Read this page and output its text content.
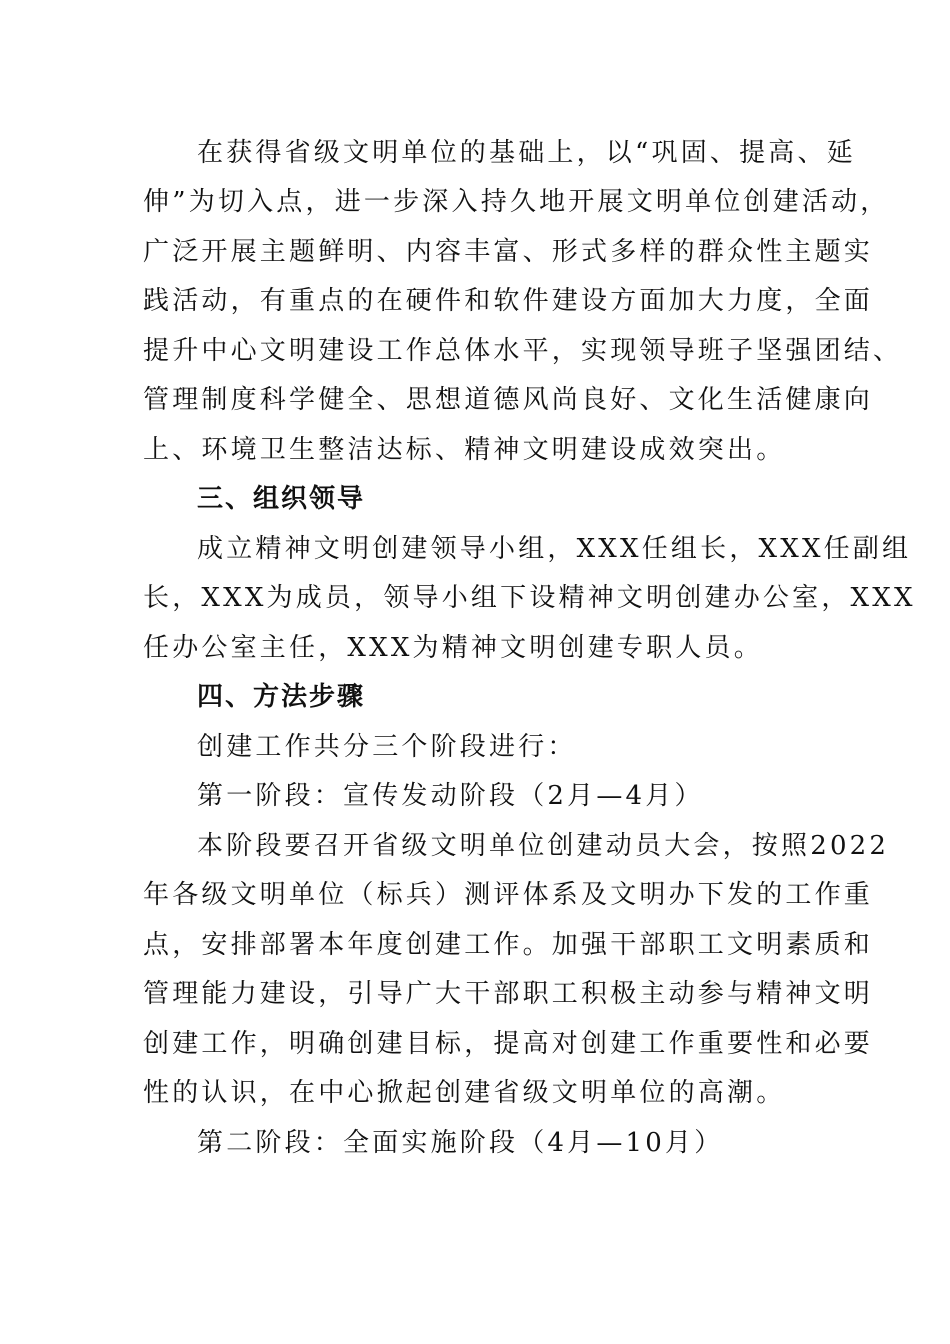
在获得省级文明单位的基础上，以“巩固、提高、延
伸”为切入点，进一步深入持久地开展文明单位创建活动，
广泛开展主题鲜明、内容丰富、形式多样的群众性主题实
践活动，有重点的在硬件和软件建设方面加大力度，全面
提升中心文明建设工作总体水平，实现领导班子坚强团结、
管理制度科学健全、思想道德风尚良好、文化生活健康向
上、环境卫生整洁达标、精神文明建设成效突出。
三、组织领导
成立精神文明创建领导小组，XXX任组长，XXX任副组
长，XXX为成员，领导小组下设精神文明创建办公室，XXX
任办公室主任，XXX为精神文明创建专职人员。
四、方法步骤
创建工作共分三个阶段进行：
第一阶段：宣传发动阶段（2月—4月）
本阶段要召开省级文明单位创建动员大会，按照2022
年各级文明单位（标兵）测评体系及文明办下发的工作重
点，安排部署本年度创建工作。加强干部职工文明素质和
管理能力建设，引导广大干部职工积极主动参与精神文明
创建工作，明确创建目标，提高对创建工作重要性和必要
性的认识，在中心掀起创建省级文明单位的高潮。
第二阶段：全面实施阶段（4月—10月）
